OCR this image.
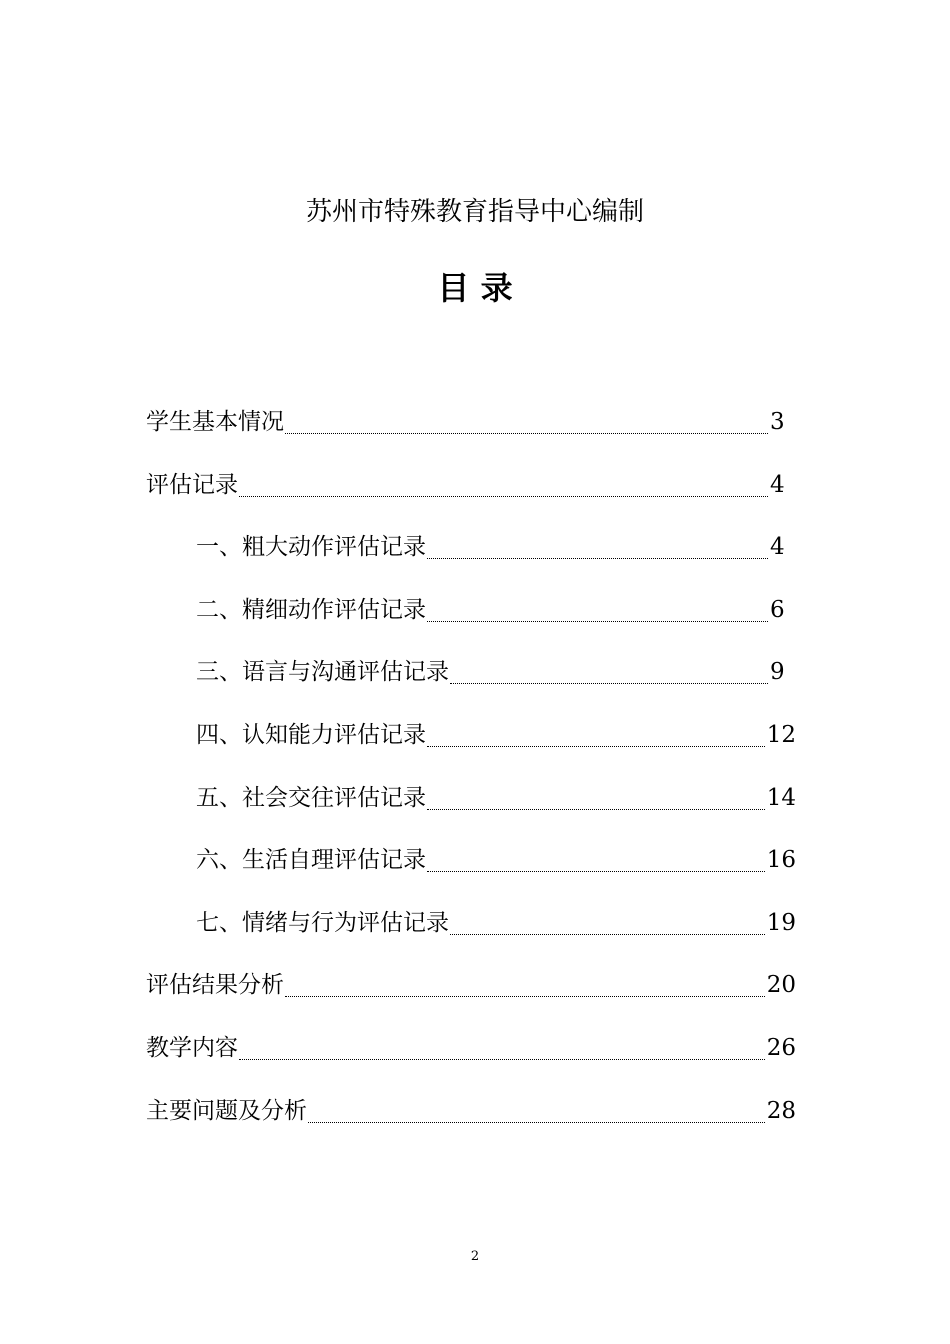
苏州市特殊教育指导中心编制
目 录
学生基本情况	3
评估记录	4
一、粗大动作评估记录	4
二、精细动作评估记录	6
三、语言与沟通评估记录	9
四、认知能力评估记录	12
五、社会交往评估记录	14
六、生活自理评估记录	16
七、情绪与行为评估记录	19
评估结果分析	20
教学内容	26
主要问题及分析	28
2
